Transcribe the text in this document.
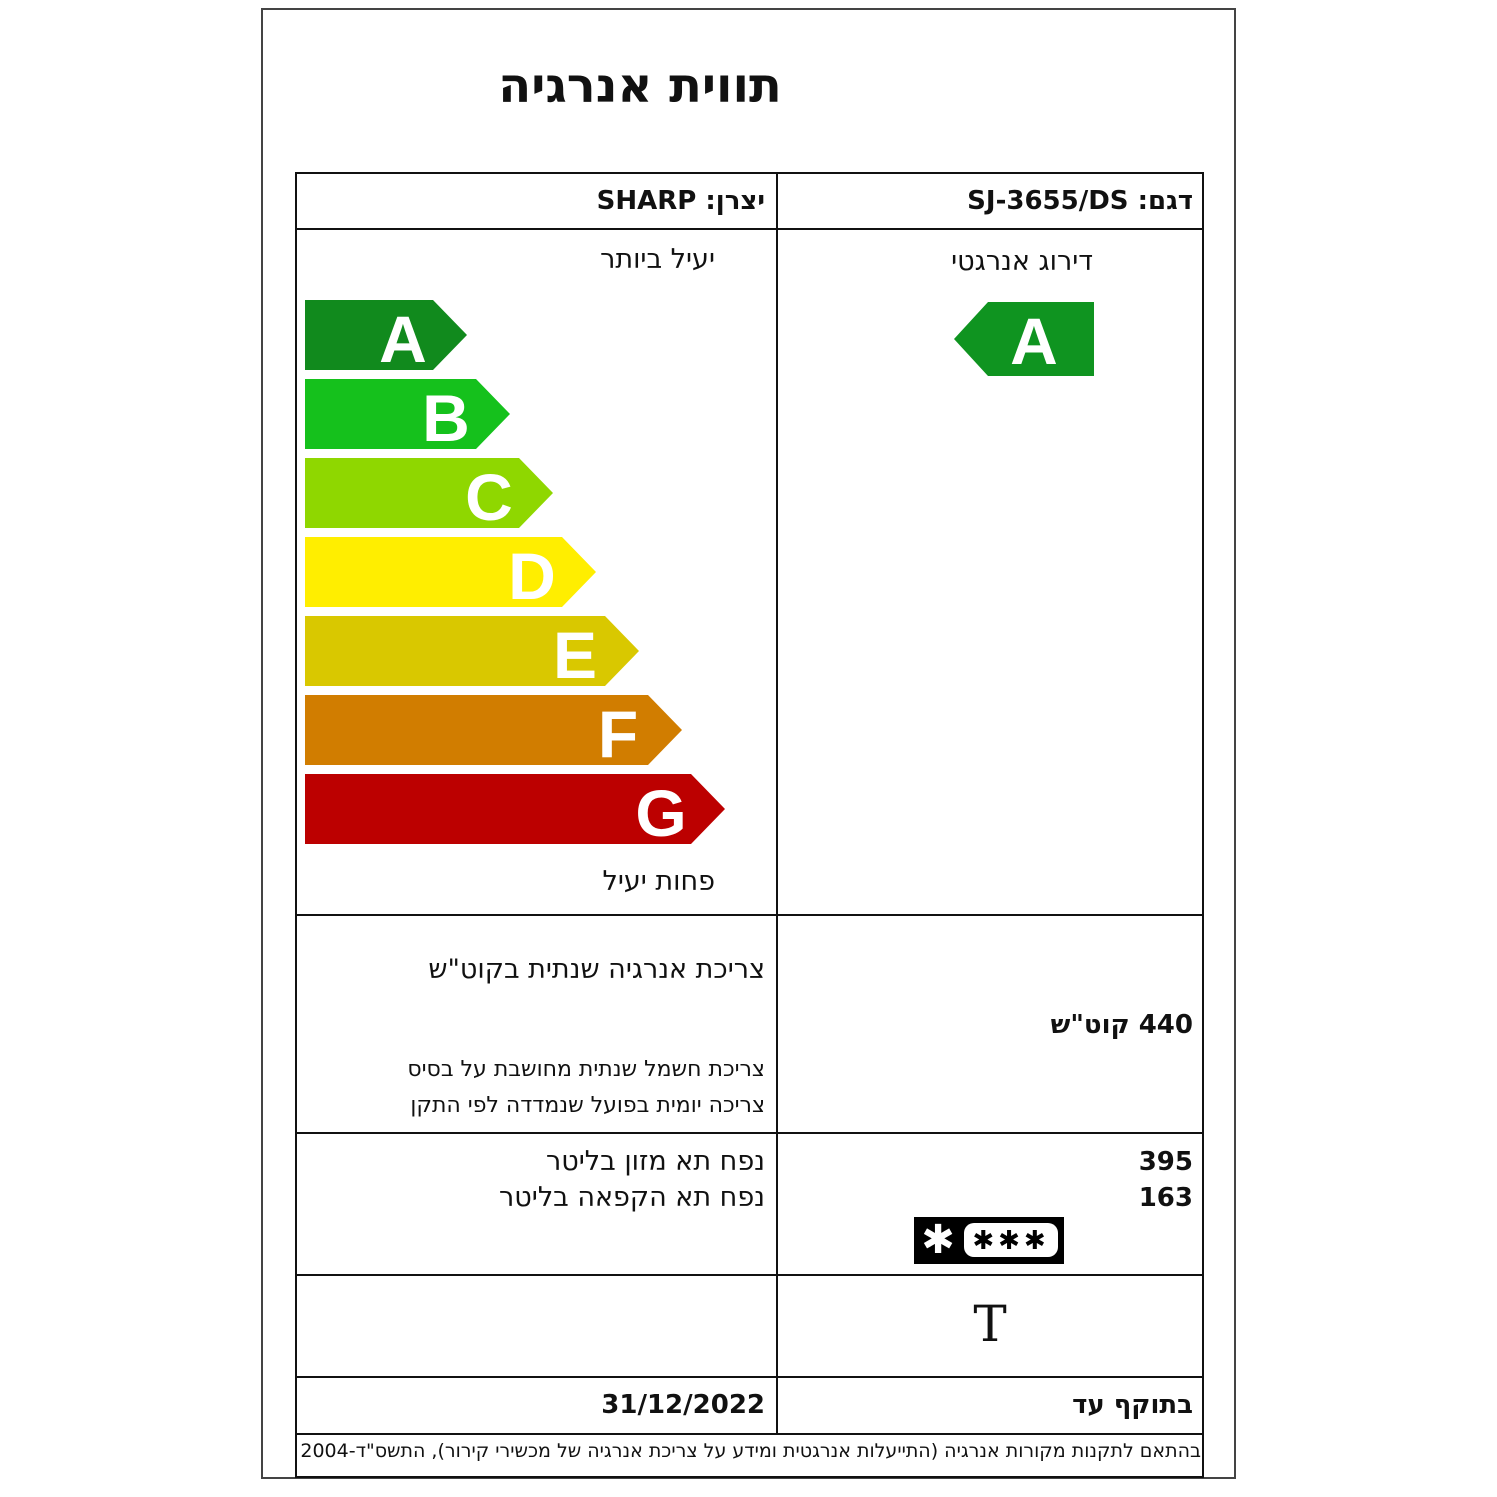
תווית אנרגיה
דגם: SJ-3655/DS
יצרן: SHARP
יעיל ביותר
A
B
C
D
E
F
G
פחות יעיל
דירוג אנרגטי
A
צריכת אנרגיה שנתית בקוט"ש
440 קוט"ש
צריכת חשמל שנתית מחושבת על בסיס
צריכה יומית בפועל שנמדדה לפי התקן
נפח תא מזון בליטר
נפח תא הקפאה בליטר
395
163
✱ ✱✱✱
T
בתוקף עד
31/12/2022
בהתאם לתקנות מקורות אנרגיה (התייעלות אנרגטית ומידע על צריכת אנרגיה של מכשירי קירור), התשס"ד-2004
